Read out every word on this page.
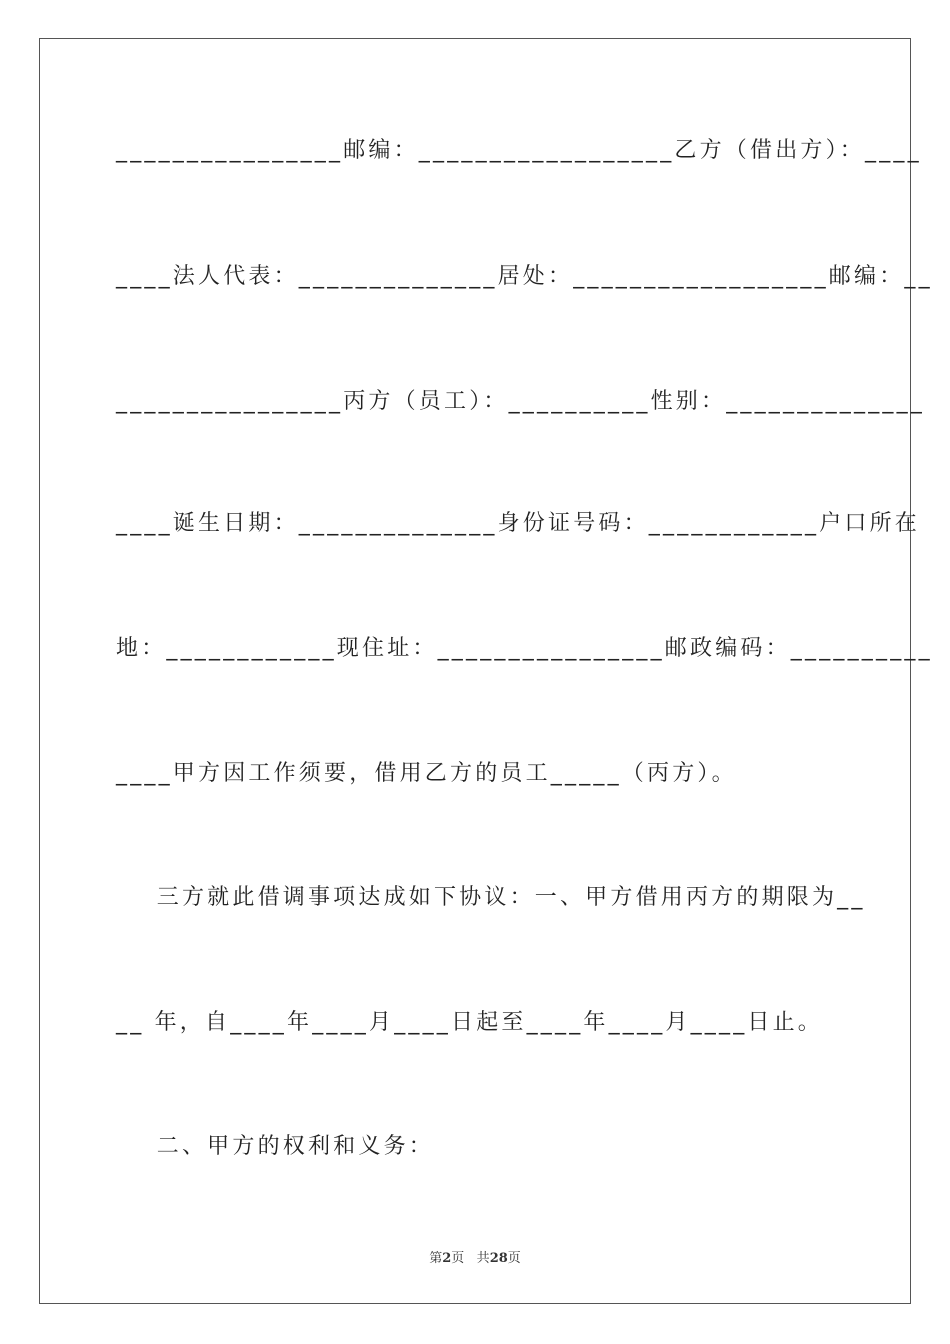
________________邮编：__________________乙方（借出方）：____
____法人代表：______________居处：__________________邮编：__
________________丙方（员工）：__________性别：______________
____诞生日期：______________身份证号码：____________户口所在
地：____________现住址：________________邮政编码：__________
____甲方因工作须要，借用乙方的员工_____（丙方）。
三方就此借调事项达成如下协议：一、甲方借用丙方的期限为__
__ 年，自____年____月____日起至____年____月____日止。
二、甲方的权利和义务：
第2页 共28页
